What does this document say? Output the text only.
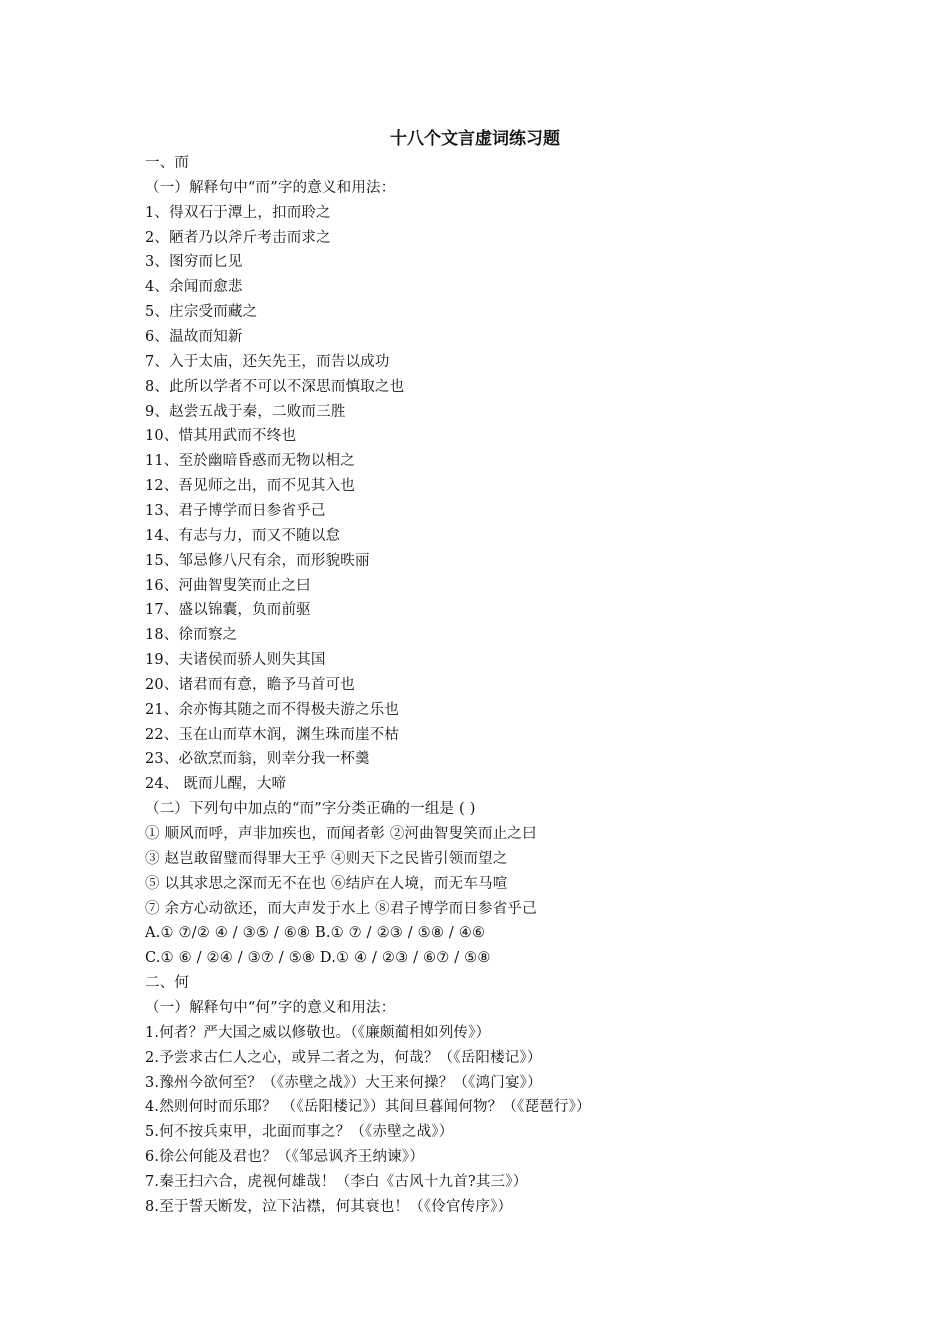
十八个文言虚词练习题
一、而
（一）解释句中“而”字的意义和用法：
1、得双石于潭上，扣而聆之
2、陋者乃以斧斤考击而求之
3、图穷而匕见
4、余闻而愈悲
5、庄宗受而藏之
6、温故而知新
7、入于太庙，还矢先王，而告以成功
8、此所以学者不可以不深思而慎取之也
9、赵尝五战于秦，二败而三胜
10、惜其用武而不终也
11、至於幽暗昏惑而无物以相之
12、吾见师之出，而不见其入也
13、君子博学而日参省乎己
14、有志与力，而又不随以怠
15、邹忌修八尺有余，而形貌昳丽
16、河曲智叟笑而止之曰
17、盛以锦囊，负而前驱
18、徐而察之
19、夫诸侯而骄人则失其国
20、诸君而有意，瞻予马首可也
21、余亦悔其随之而不得极夫游之乐也
22、玉在山而草木润，渊生珠而崖不枯
23、必欲烹而翁，则幸分我一杯羹
24、 既而儿醒，大啼
（二）下列句中加点的“而”字分类正确的一组是 ( )
① 顺风而呼，声非加疾也，而闻者彰 ②河曲智叟笑而止之曰
③ 赵岂敢留璧而得罪大王乎 ④则天下之民皆引领而望之
⑤ 以其求思之深而无不在也 ⑥结庐在人境，而无车马喧
⑦ 余方心动欲还，而大声发于水上 ⑧君子博学而日参省乎己
A.① ⑦/② ④ / ③⑤ / ⑥⑧ B.① ⑦ / ②③ / ⑤⑧ / ④⑥
C.① ⑥ / ②④ / ③⑦ / ⑤⑧ D.① ④ / ②③ / ⑥⑦ / ⑤⑧
二、何
（一）解释句中“何”字的意义和用法：
1.何者？严大国之威以修敬也。（《廉颇蔺相如列传》）
2.予尝求古仁人之心，或异二者之为，何哉？（《岳阳楼记》）
3.豫州今欲何至？（《赤壁之战》）大王来何操？（《鸿门宴》）
4.然则何时而乐耶？ （《岳阳楼记》）其间旦暮闻何物？（《琵琶行》）
5.何不按兵束甲，北面而事之？（《赤壁之战》）
6.徐公何能及君也？（《邹忌讽齐王纳谏》）
7.秦王扫六合，虎视何雄哉！（李白《古风十九首?其三》）
8.至于誓天断发，泣下沾襟，何其衰也！（《伶官传序》）
